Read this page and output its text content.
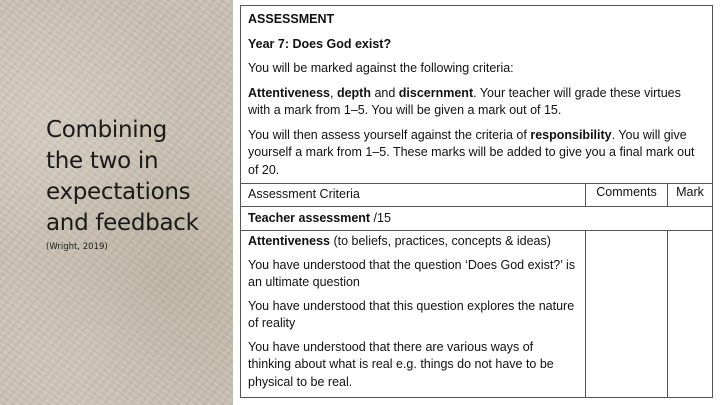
Combining
the two in
expectations
and feedback
(Wright, 2019)

ASSESSMENT

Year 7: Does God exist?

You will be marked against the following criteria:

Attentiveness, depth and discernment. Your teacher will grade these virtues with a mark from 1–5. You will be given a mark out of 15.

You will then assess yourself against the criteria of responsibility. You will give yourself a mark from 1–5. These marks will be added to give you a final mark out of 20.		

Assessment Criteria	Comments	Mark
Teacher assessment /15		

Attentiveness (to beliefs, practices, concepts & ideas)

You have understood that the question ‘Does God exist?’ is an ultimate question

You have understood that this question explores the nature of reality

You have understood that there are various ways of thinking about what is real e.g. things do not have to be physical to be real.		
